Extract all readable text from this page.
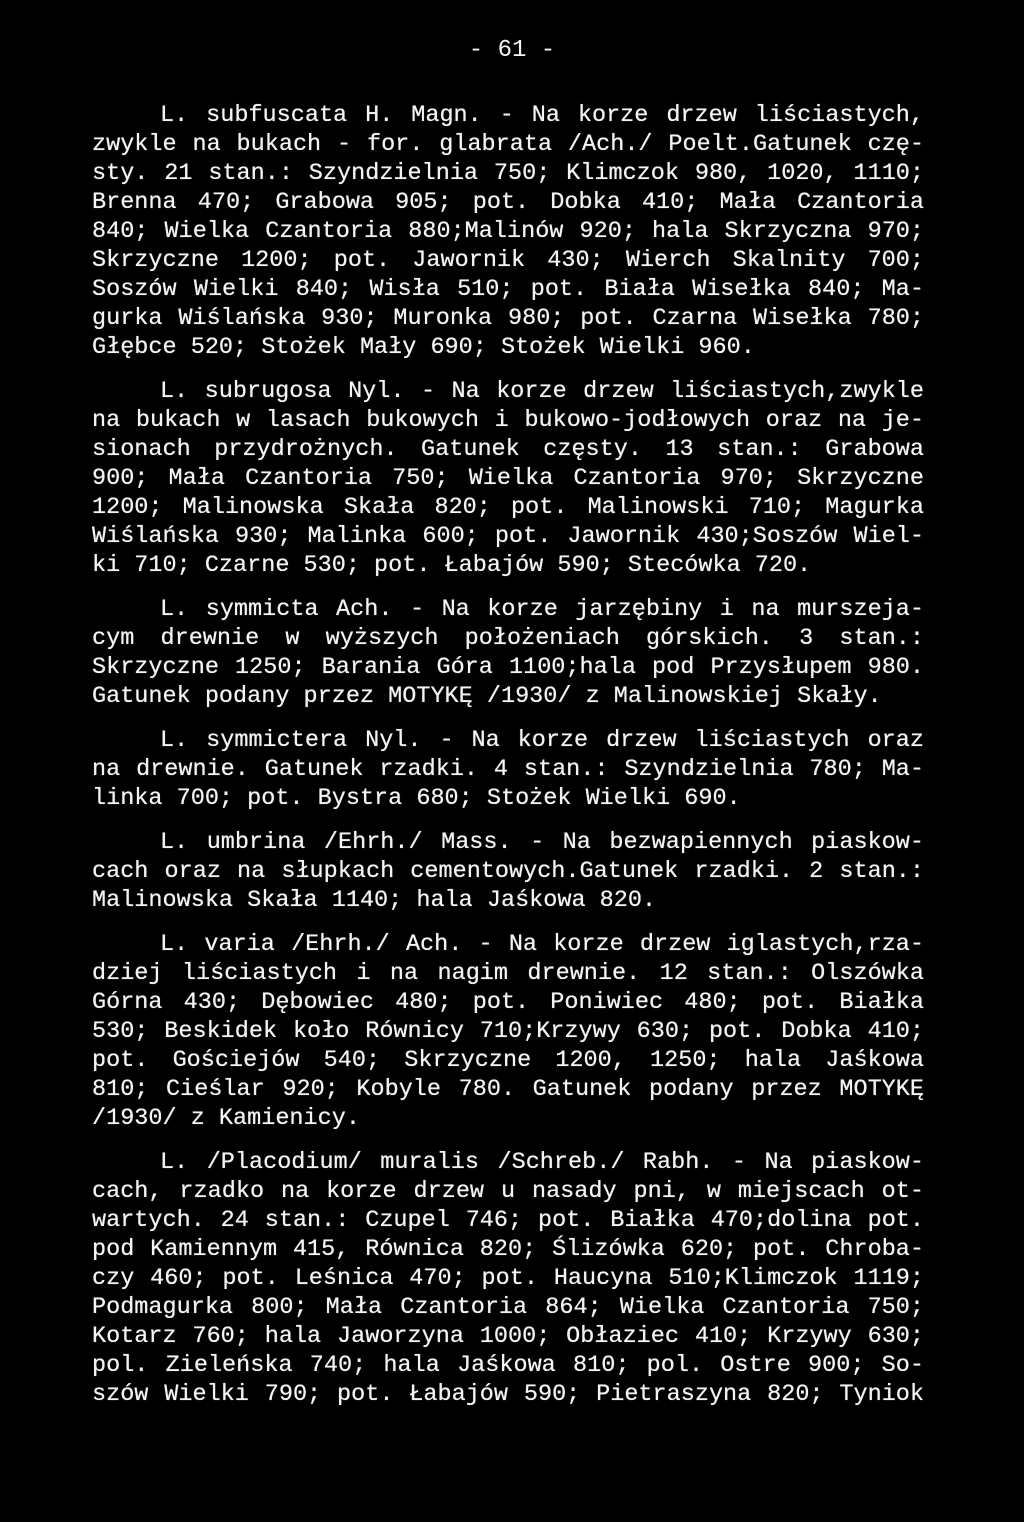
- 61 -
L. subfuscata H. Magn. - Na korze drzew liściastych,
zwykle na bukach - for. glabrata /Ach./ Poelt.Gatunek czę-
sty. 21 stan.: Szyndzielnia 750; Klimczok 980, 1020, 1110;
Brenna 470; Grabowa 905; pot. Dobka 410; Mała Czantoria
840; Wielka Czantoria 880;Malinów 920; hala Skrzyczna 970;
Skrzyczne 1200; pot. Jawornik 430; Wierch Skalnity 700;
Soszów Wielki 840; Wisła 510; pot. Biała Wisełka 840; Ma-
gurka Wiślańska 930; Muronka 980; pot. Czarna Wisełka 780;
Głębce 520; Stożek Mały 690; Stożek Wielki 960.
L. subrugosa Nyl. - Na korze drzew liściastych,zwykle
na bukach w lasach bukowych i bukowo-jodłowych oraz na je-
sionach przydrożnych. Gatunek częsty. 13 stan.: Grabowa
900; Mała Czantoria 750; Wielka Czantoria 970; Skrzyczne
1200; Malinowska Skała 820; pot. Malinowski 710; Magurka
Wiślańska 930; Malinka 600; pot. Jawornik 430;Soszów Wiel-
ki 710; Czarne 530; pot. Łabajów 590; Stecówka 720.
L. symmicta Ach. - Na korze jarzębiny i na murszeja-
cym drewnie w wyższych położeniach górskich. 3 stan.:
Skrzyczne 1250; Barania Góra 1100;hala pod Przysłupem 980.
Gatunek podany przez MOTYKĘ /1930/ z Malinowskiej Skały.
L. symmictera Nyl. - Na korze drzew liściastych oraz
na drewnie. Gatunek rzadki. 4 stan.: Szyndzielnia 780; Ma-
linka 700; pot. Bystra 680; Stożek Wielki 690.
L. umbrina /Ehrh./ Mass. - Na bezwapiennych piaskow-
cach oraz na słupkach cementowych.Gatunek rzadki. 2 stan.:
Malinowska Skała 1140; hala Jaśkowa 820.
L. varia /Ehrh./ Ach. - Na korze drzew iglastych,rza-
dziej liściastych i na nagim drewnie. 12 stan.: Olszówka
Górna 430; Dębowiec 480; pot. Poniwiec 480; pot. Białka
530; Beskidek koło Równicy 710;Krzywy 630; pot. Dobka 410;
pot. Gościejów 540; Skrzyczne 1200, 1250; hala Jaśkowa
810; Cieślar 920; Kobyle 780. Gatunek podany przez MOTYKĘ
/1930/ z Kamienicy.
L. /Placodium/ muralis /Schreb./ Rabh. - Na piaskow-
cach, rzadko na korze drzew u nasady pni, w miejscach ot-
wartych. 24 stan.: Czupel 746; pot. Białka 470;dolina pot.
pod Kamiennym 415, Równica 820; Ślizówka 620; pot. Chroba-
czy 460; pot. Leśnica 470; pot. Haucyna 510;Klimczok 1119;
Podmagurka 800; Mała Czantoria 864; Wielka Czantoria 750;
Kotarz 760; hala Jaworzyna 1000; Obłaziec 410; Krzywy 630;
pol. Zieleńska 740; hala Jaśkowa 810; pol. Ostre 900; So-
szów Wielki 790; pot. Łabajów 590; Pietraszyna 820; Tyniok
